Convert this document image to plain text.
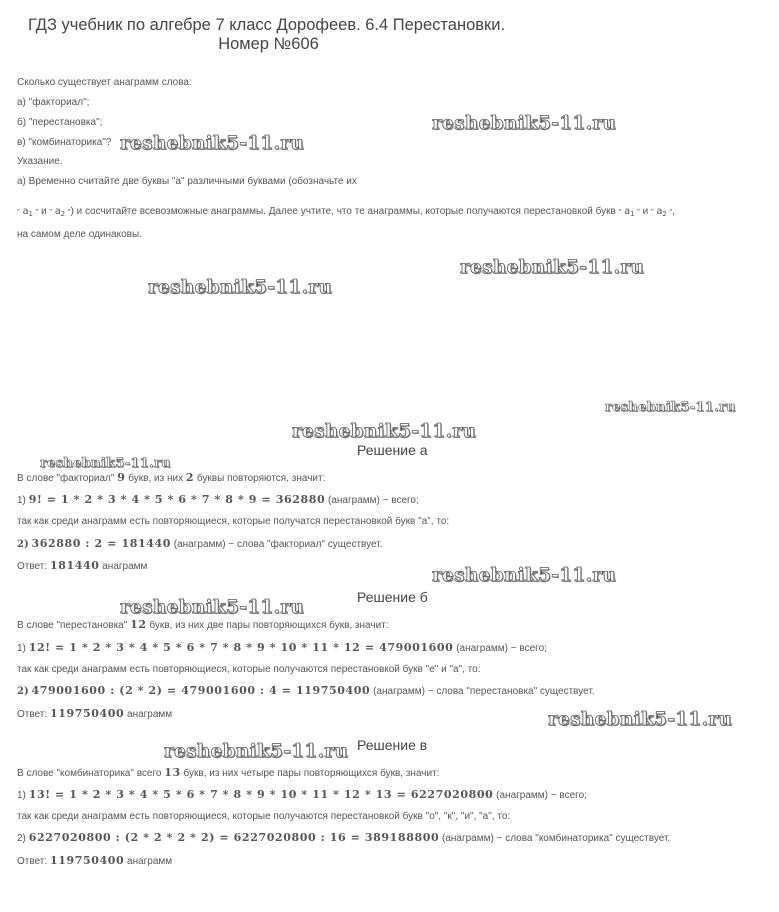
ГДЗ учебник по алгебре 7 класс Дорофеев. 6.4 Перестановки.
Номер №606
Сколько существует анаграмм слова:
а) "факториал";
б) "перестановка";
в) "комбинаторика"?
Указание.
а) Временно считайте две буквы "а" различными буквами (обозначьте их
" $a_1$ " и " $a_2$ ") и сосчитайте всевозможные анаграммы. Далее учтите, что те анаграммы, которые получаются перестановкой букв " $a_1$ " и " $a_2$ ",
на самом деле одинаковы.
Решение а
В слове "факториал" 9 букв, из них 2 буквы повторяются, значит:
1) 9! = 1 * 2 * 3 * 4 * 5 * 6 * 7 * 8 * 9 = 362880 (анаграмм) − всего;
так как среди анаграмм есть повторяющиеся, которые получатся перестановкой букв "а", то:
2) 362880 : 2 = 181440 (анаграмм) − слова "факториал" существует.
Ответ: 181440 анаграмм
Решение б
В слове "перестановка" 12 букв, из них две пары повторяющихся букв, значит:
1) 12! = 1 * 2 * 3 * 4 * 5 * 6 * 7 * 8 * 9 * 10 * 11 * 12 = 479001600 (анаграмм) − всего;
так как среди анаграмм есть повторяющиеся, которые получаются перестановкой букв "е" и "а", то:
2) 479001600 : (2 * 2) = 479001600 : 4 = 119750400 (анаграмм) − слова "перестановка" существует.
Ответ: 119750400 анаграмм
Решение в
В слове "комбинаторика" всего 13 букв, из них четыре пары повторяющихся букв, значит:
1) 13! = 1 * 2 * 3 * 4 * 5 * 6 * 7 * 8 * 9 * 10 * 11 * 12 * 13 = 6227020800 (анаграмм) − всего;
так как среди анаграмм есть повторяющиеся, которые получаются перестановкой букв "о", "к", "и", "а", то:
2) 6227020800 : (2 * 2 * 2 * 2) = 6227020800 : 16 = 389188800 (анаграмм) − слова "комбинаторика" существует.
Ответ: 119750400 анаграмм
reshebnik5-11.ru
reshebnik5-11.ru
reshebnik5-11.ru
reshebnik5-11.ru
reshebnik5-11.ru
reshebnik5-11.ru
reshebnik5-11.ru
reshebnik5-11.ru
reshebnik5-11.ru
reshebnik5-11.ru
reshebnik5-11.ru
